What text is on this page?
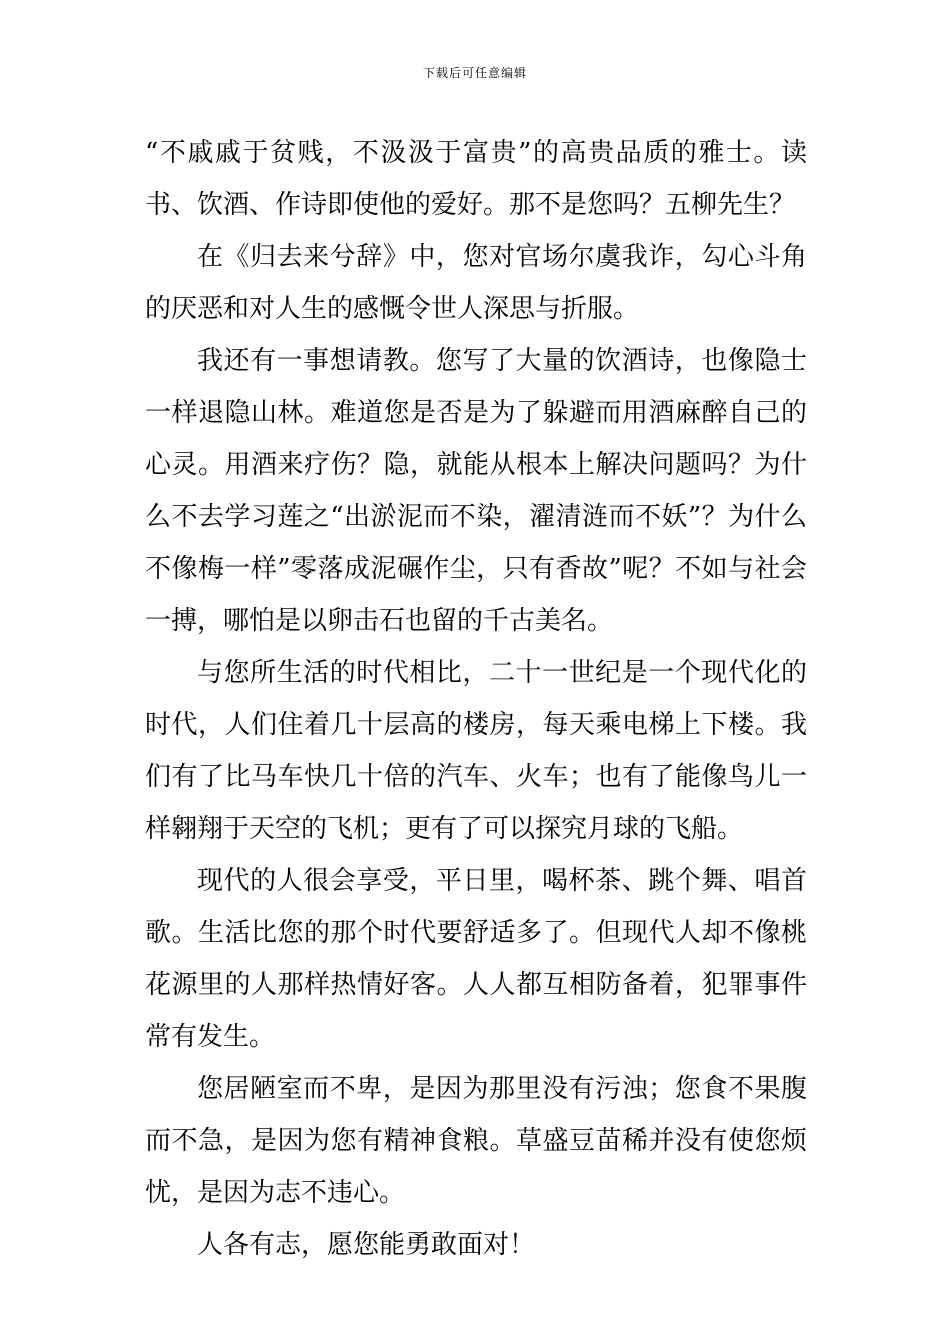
下载后可任意编辑

“不戚戚于贫贱，不汲汲于富贵”的高贵品质的雅士。读书、饮酒、作诗即使他的爱好。那不是您吗？五柳先生？

在《归去来兮辞》中，您对官场尔虞我诈，勾心斗角的厌恶和对人生的感慨令世人深思与折服。

我还有一事想请教。您写了大量的饮酒诗，也像隐士一样退隐山林。难道您是否是为了躲避而用酒麻醉自己的心灵。用酒来疗伤？隐，就能从根本上解决问题吗？为什么不去学习莲之“出淤泥而不染，濯清涟而不妖”？为什么不像梅一样”零落成泥碾作尘，只有香故”呢？不如与社会一搏，哪怕是以卵击石也留的千古美名。

与您所生活的时代相比，二十一世纪是一个现代化的时代，人们住着几十层高的楼房，每天乘电梯上下楼。我们有了比马车快几十倍的汽车、火车；也有了能像鸟儿一样翱翔于天空的飞机；更有了可以探究月球的飞船。

现代的人很会享受，平日里，喝杯茶、跳个舞、唱首歌。生活比您的那个时代要舒适多了。但现代人却不像桃花源里的人那样热情好客。人人都互相防备着，犯罪事件常有发生。

您居陋室而不卑，是因为那里没有污浊；您食不果腹而不急，是因为您有精神食粮。草盛豆苗稀并没有使您烦忧，是因为志不违心。

人各有志，愿您能勇敢面对！
